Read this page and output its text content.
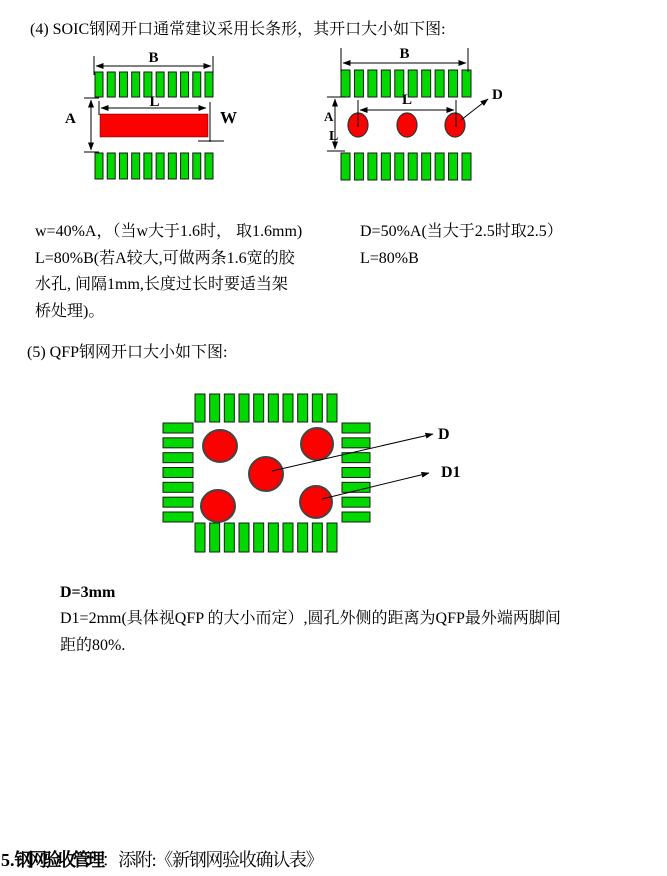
(4) SOIC钢网开口通常建议采用长条形，其开口大小如下图:
w=40%A，（当w大于1.6时， 取1.6mm)
L=80%B(若A较大,可做两条1.6宽的胶
水孔, 间隔1mm,长度过长时要适当架
桥处理)。
D=50%A(当大于2.5时取2.5）
L=80%B
(5) QFP钢网开口大小如下图:
D=3mm
D1=2mm(具体视QFP 的大小而定）,圆孔外侧的距离为QFP最外端两脚间
距的80%.
5.钢网验收管理：添附:《新钢网验收确认表》
B
L
A	W
B
L
A
L
D
D
D1
